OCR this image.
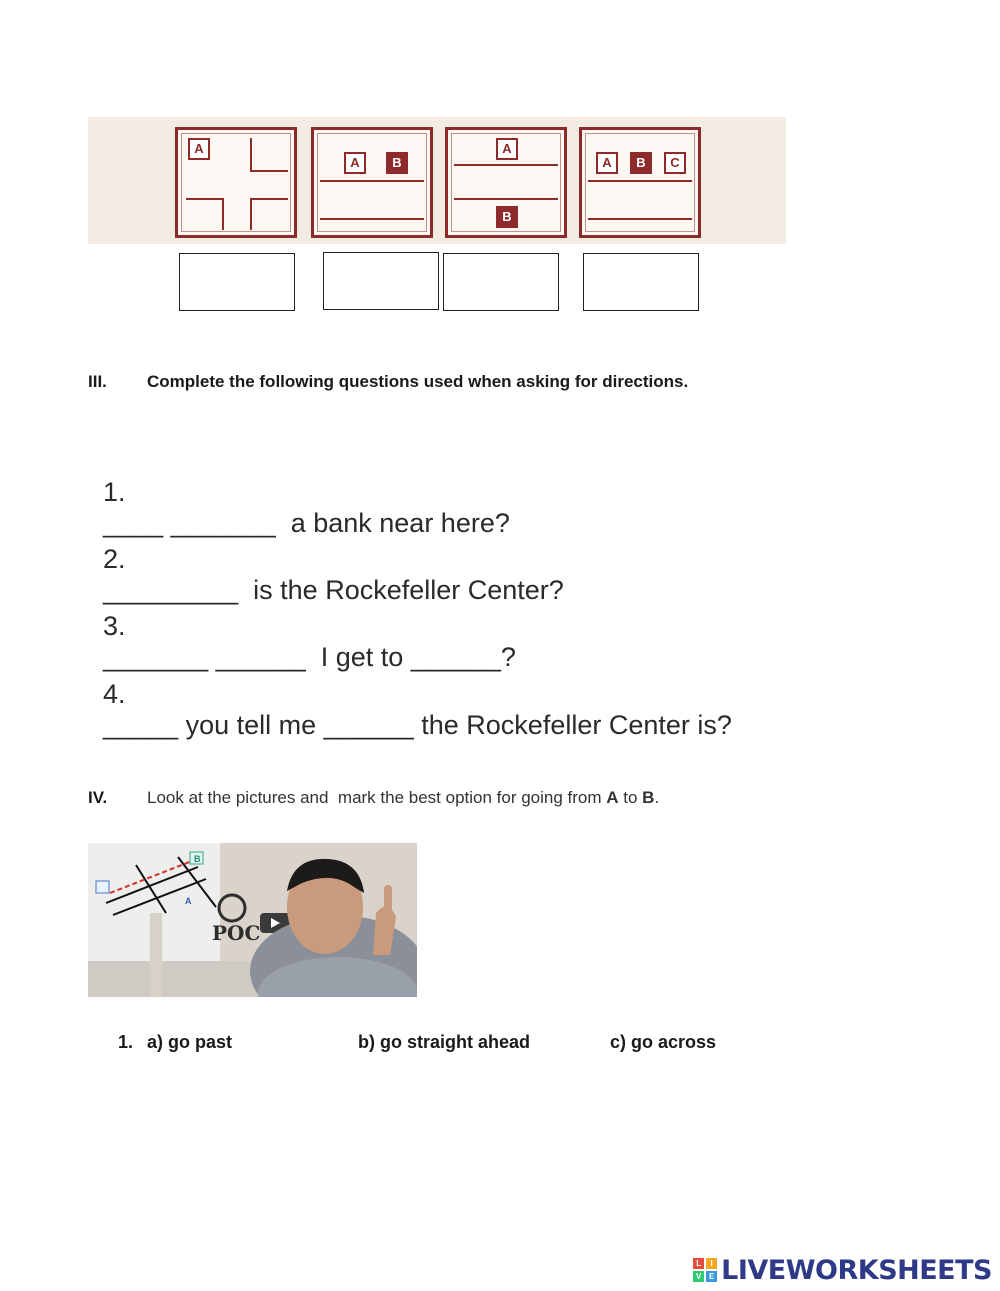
A
A	B
A
B
A	B	C
III. Complete the following questions used when asking for directions.

1.
____ _______  a bank near here?

2.
_________  is the Rockefeller Center?

3.
_______ ______  I get to ______?

4.
_____ you tell me ______ the Rockefeller Center is?

IV. Look at the pictures and  mark the best option for going from A to B.
A
B
POC
1. a) go past	b) go straight ahead	c) go across
L	I
V E LIVEWORKSHEETS
